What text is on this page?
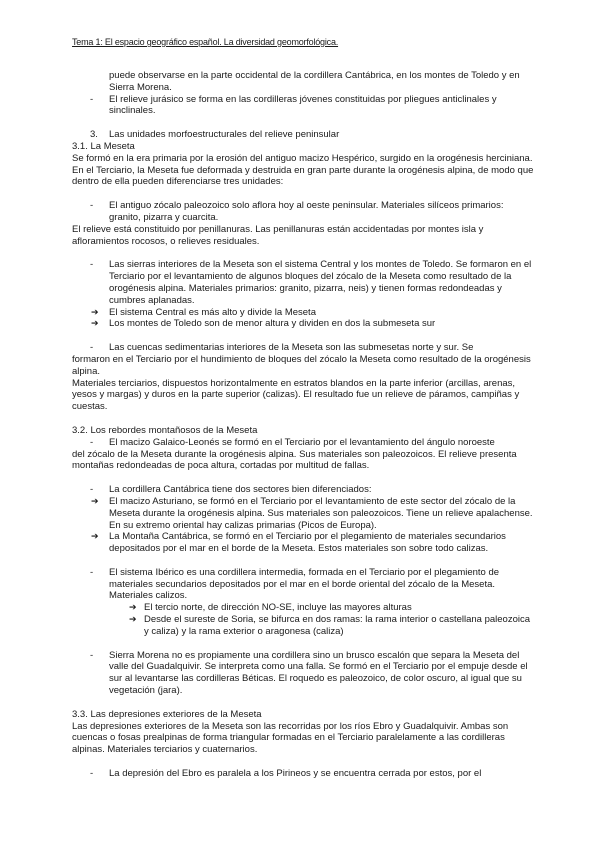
Tema 1: El espacio geográfico español. La diversidad geomorfológica.

puede observarse en la parte occidental de la cordillera Cantábrica, en los montes de Toledo y en Sierra Morena.

- El relieve jurásico se forma en las cordilleras jóvenes constituidas por pliegues anticlinales y sinclinales.

3.	Las unidades morfoestructurales del relieve peninsular

3.1. La Meseta

Se formó en la era primaria por la erosión del antiguo macizo Hespérico, surgido en la orogénesis herciniana. En el Terciario, la Meseta fue deformada y destruida en gran parte durante la orogénesis alpina, de modo que dentro de ella pueden diferenciarse tres unidades:

- El antiguo zócalo paleozoico solo aflora hoy al oeste peninsular. Materiales silíceos primarios: granito, pizarra y cuarcita.

El relieve está constituido por penillanuras. Las penillanuras están accidentadas por montes isla y afloramientos rocosos, o relieves residuales.

- Las sierras interiores de la Meseta son el sistema Central y los montes de Toledo. Se formaron en el Terciario por el levantamiento de algunos bloques del zócalo de la Meseta como resultado de la orogénesis alpina. Materiales primarios: granito, pizarra, neis) y tienen formas redondeadas y cumbres aplanadas.

➔ El sistema Central es más alto y divide la Meseta

➔ Los montes de Toledo son de menor altura y dividen en dos la submeseta sur

- Las cuencas sedimentarias interiores de la Meseta son las submesetas norte y sur. Se

formaron en el Terciario por el hundimiento de bloques del zócalo la Meseta como resultado de la orogénesis alpina.

Materiales terciarios, dispuestos horizontalmente en estratos blandos en la parte inferior (arcillas, arenas, yesos y margas) y duros en la parte superior (calizas). El resultado fue un relieve de páramos, campiñas y cuestas.

3.2. Los rebordes montañosos de la Meseta

- El macizo Galaico-Leonés se formó en el Terciario por el levantamiento del ángulo noroeste

del zócalo de la Meseta durante la orogénesis alpina. Sus materiales son paleozoicos. El relieve presenta montañas redondeadas de poca altura, cortadas por multitud de fallas.

- La cordillera Cantábrica tiene dos sectores bien diferenciados:

➔ El macizo Asturiano, se formó en el Terciario por el levantamiento de este sector del zócalo de la Meseta durante la orogénesis alpina. Sus materiales son paleozoicos. Tiene un relieve apalachense. En su extremo oriental hay calizas primarias (Picos de Europa).

➔ La Montaña Cantábrica, se formó en el Terciario por el plegamiento de materiales secundarios depositados por el mar en el borde de la Meseta. Estos materiales son sobre todo calizas.

- El sistema Ibérico es una cordillera intermedia, formada en el Terciario por el plegamiento de materiales secundarios depositados por el mar en el borde oriental del zócalo de la Meseta. Materiales calizos.

➔ El tercio norte, de dirección NO-SE, incluye las mayores alturas

➔ Desde el sureste de Soria, se bifurca en dos ramas: la rama interior o castellana paleozoica y caliza) y la rama exterior o aragonesa (caliza)

- Sierra Morena no es propiamente una cordillera sino un brusco escalón que separa la Meseta del valle del Guadalquivir. Se interpreta como una falla. Se formó en el Terciario por el empuje desde el sur al levantarse las cordilleras Béticas. El roquedo es paleozoico, de color oscuro, al igual que su vegetación (jara).

3.3. Las depresiones exteriores de la Meseta

Las depresiones exteriores de la Meseta son las recorridas por los ríos Ebro y Guadalquivir. Ambas son cuencas o fosas prealpinas de forma triangular formadas en el Terciario paralelamente a las cordilleras alpinas. Materiales terciarios y cuaternarios.

- La depresión del Ebro es paralela a los Pirineos y se encuentra cerrada por estos, por el
